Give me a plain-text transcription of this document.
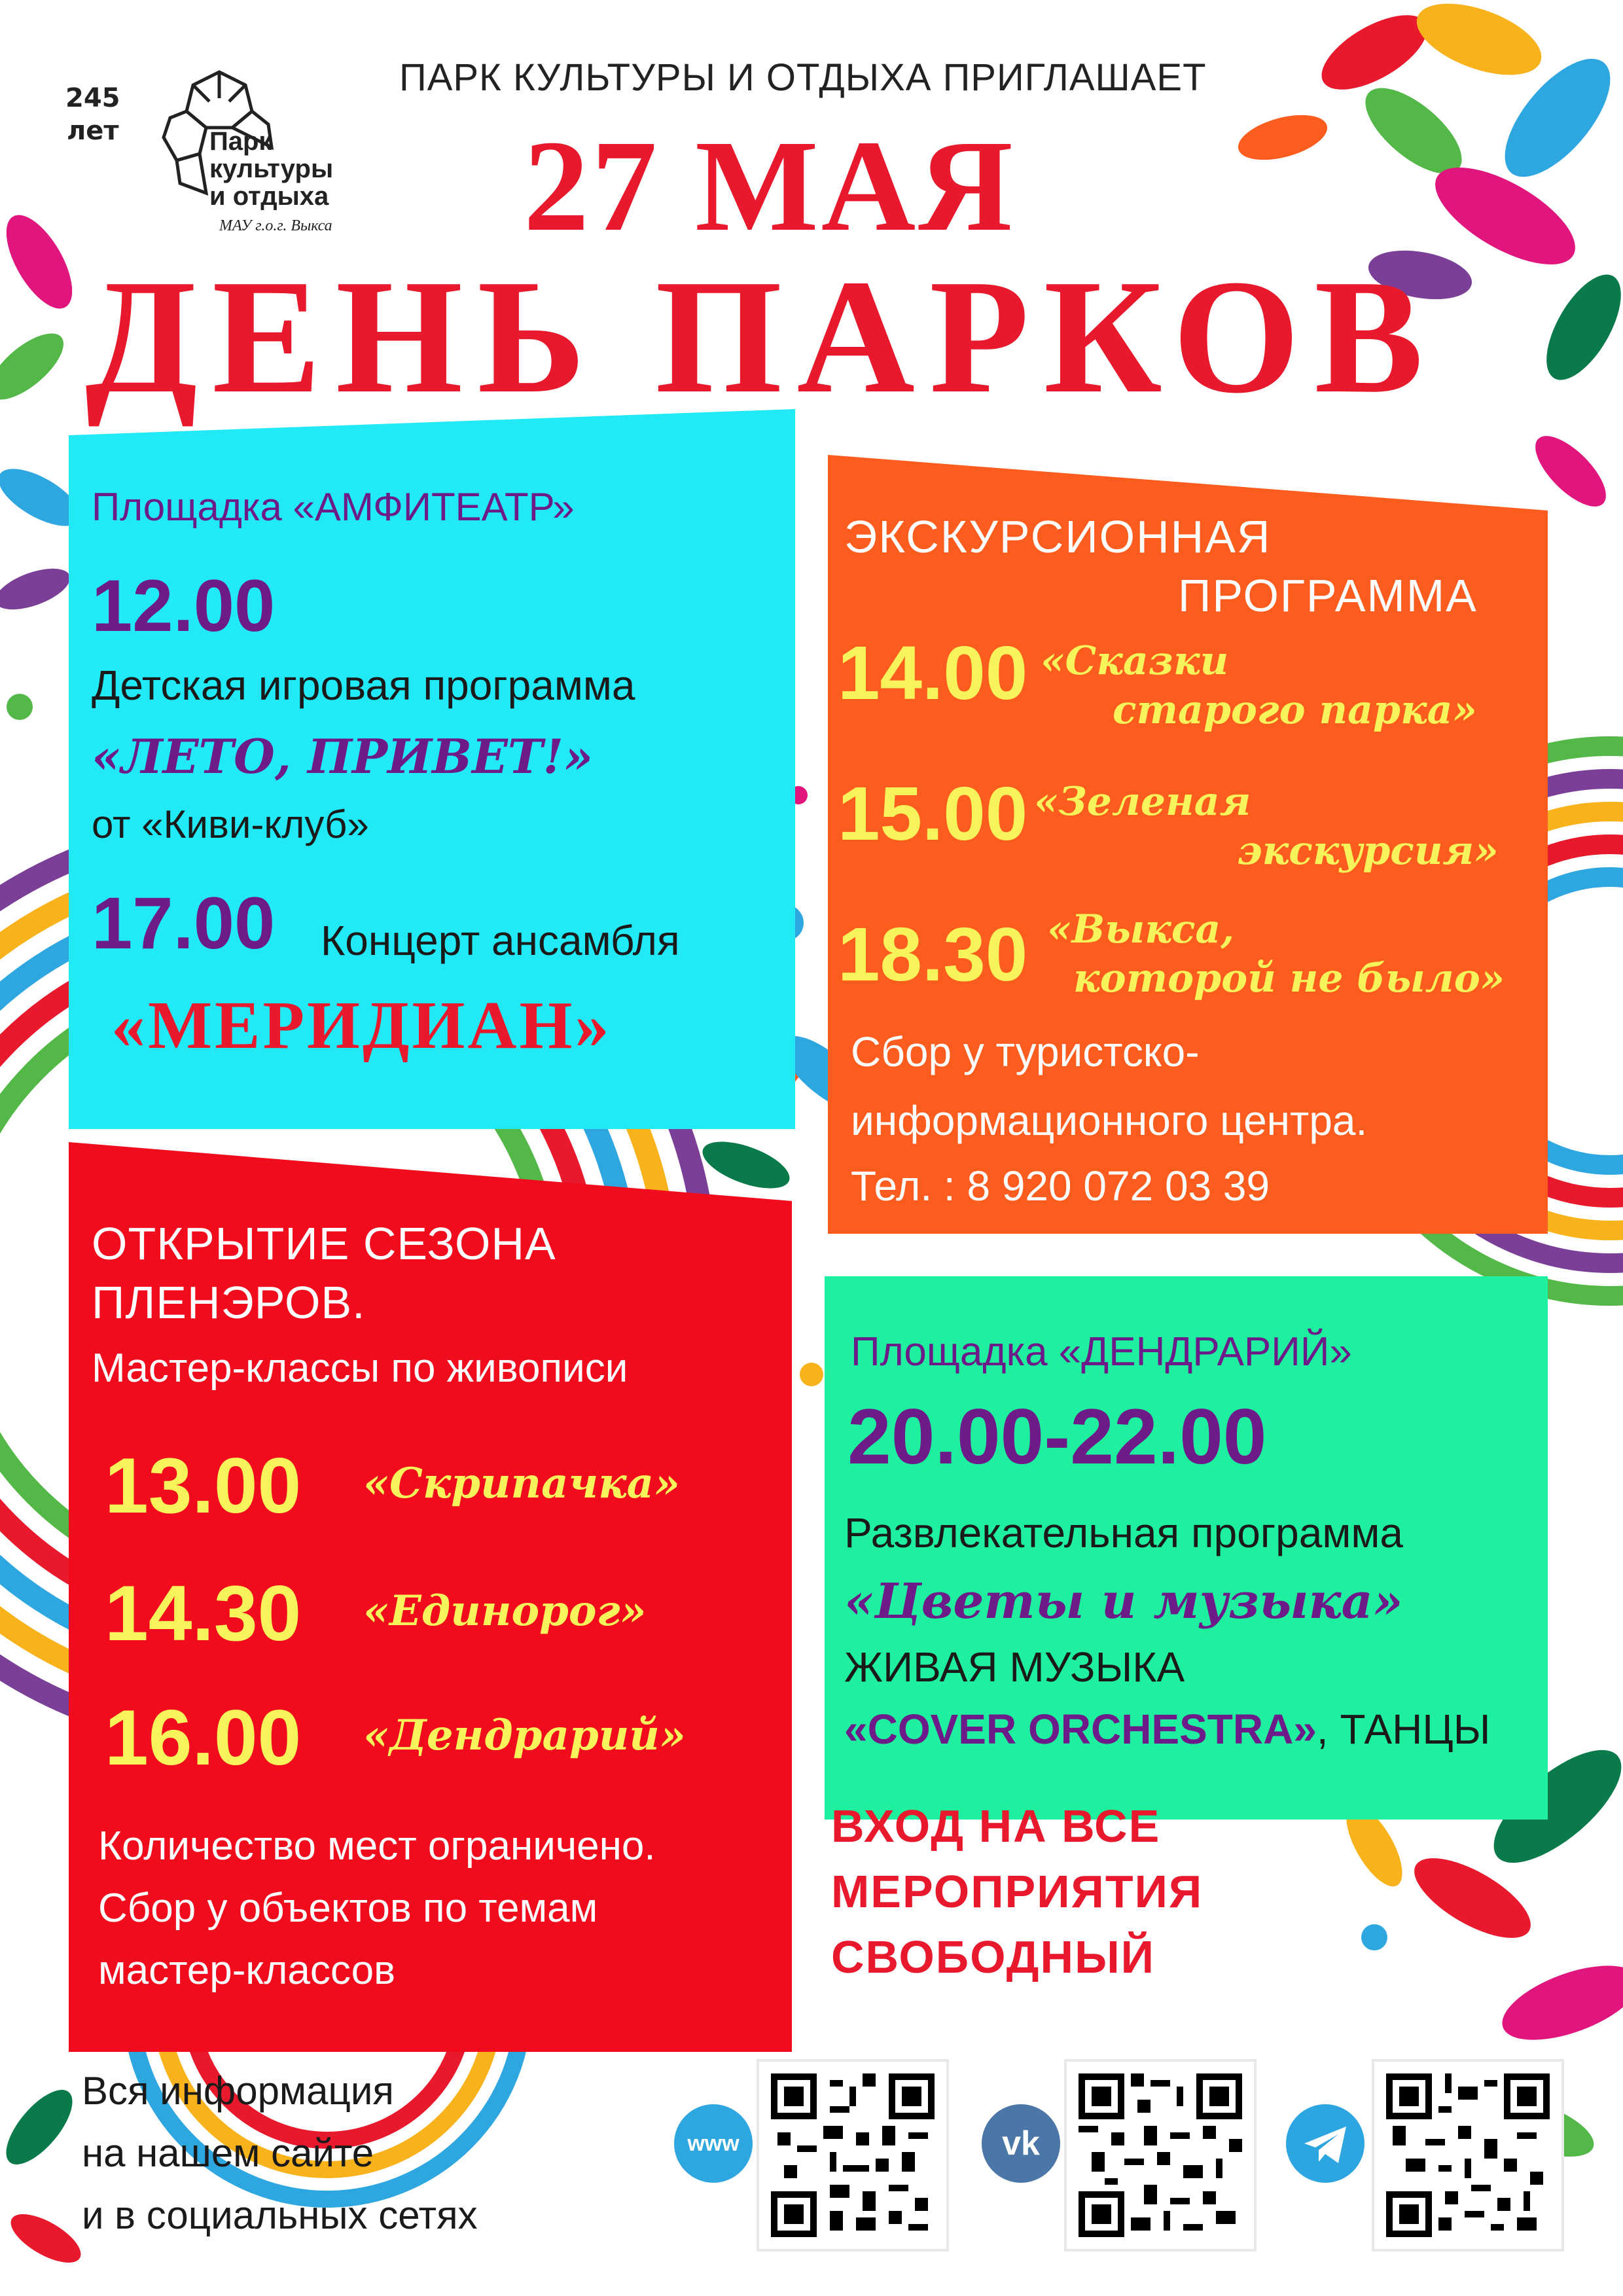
245
лет	Парк
культуры
и отдыха
МАУ г.о.г. Выкса
ПАРК КУЛЬТУРЫ И ОТДЫХА ПРИГЛАШАЕТ
27 МАЯ
ДЕНЬ ПАРКОВ
Площадка «АМФИТЕАТР»
12.00
Детская игровая программа
«ЛЕТО, ПРИВЕТ!»
от «Киви-клуб»
17.00 Концерт ансамбля
«МЕРИДИАН»
ЭКСКУРСИОННАЯ
ПРОГРАММА
14.00 «Сказки
старого парка»
15.00 «Зеленая
экскурсия»
18.30 «Выкса,
которой не было»
Сбор у туристско-
информационного центра.
Тел. : 8 920 072 03 39
ОТКРЫТИЕ СЕЗОНА
ПЛЕНЭРОВ.
Мастер-классы по живописи
13.00 «Скрипачка»
14.30 «Единорог»
16.00 «Дендрарий»
Количество мест ограничено.
Сбор у объектов по темам
мастер-классов
Площадка «ДЕНДРАРИЙ»
20.00-22.00
Развлекательная программа
«Цветы и музыка»
ЖИВАЯ МУЗЫКА
«COVER ORCHESTRA», ТАНЦЫ
ВХОД НА ВСЕ
МЕРОПРИЯТИЯ
СВОБОДНЫЙ
Вся информация
на нашем сайте
и в социальных сетях
www	vk
